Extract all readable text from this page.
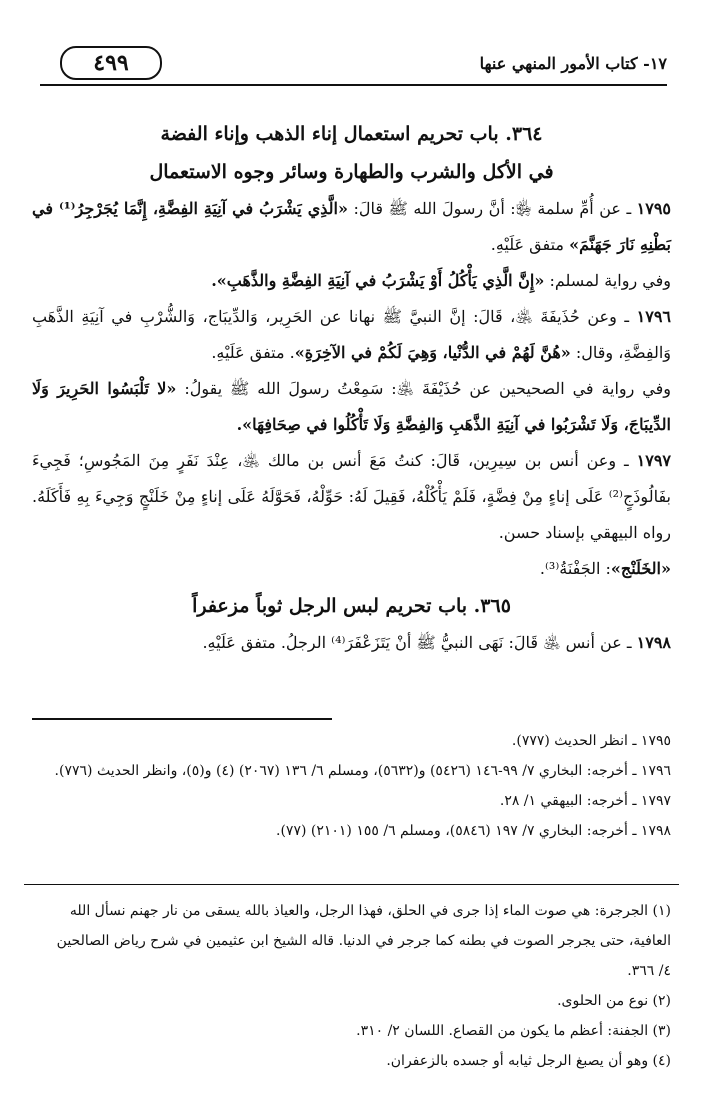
١٧- كتاب الأمور المنهي عنها
٤٩٩
٣٦٤. باب تحريم استعمال إناء الذهب وإناء الفضة
في الأكل والشرب والطهارة وسائر وجوه الاستعمال

١٧٩٥ ـ عن أُمِّ سلمة ﵂: أنَّ رسولَ الله ﷺ قالَ: «الَّذِي يَشْرَبُ في آنِيَةِ الفِضَّةِ، إِنَّمَا يُجَرْجِرُ⁽¹⁾ في بَطْنِهِ نَارَ جَهَنَّمَ» متفق عَلَيْهِ.

وفي رواية لمسلم: «إِنَّ الَّذِي يَأْكُلُ أَوْ يَشْرَبُ في آنِيَةِ الفِضَّةِ والذَّهَبِ».

١٧٩٦ ـ وعن حُذَيفَةَ ﵁، قَالَ: إنَّ النبيَّ ﷺ نهانا عن الحَرِير، وَالدِّيبَاج، وَالشُّرْبِ في آنِيَةِ الذَّهَبِ وَالفِضَّةِ، وقال: «هُنَّ لَهُمْ في الدُّنْيا، وَهِيَ لَكُمْ في الآخِرَةِ». متفق عَلَيْهِ.

وفي رواية في الصحيحين عن حُذَيْفَةَ ﵁: سَمِعْتُ رسولَ الله ﷺ يقولُ: «لا تَلْبَسُوا الحَرِيرَ وَلَا الدِّيبَاجَ، وَلَا تَشْرَبُوا في آنِيَةِ الذَّهَبِ وَالفِضَّةِ وَلَا تَأْكُلُوا في صِحَافِهَا».

١٧٩٧ ـ وعن أنس بن سِيرِين، قَالَ: كنتُ مَعَ أنس بن مالك ﵁، عِنْدَ نَفَرٍ مِنَ المَجُوسِ؛ فَجِيءَ بفَالُوذَجٍ⁽²⁾ عَلَى إناءٍ مِنْ فِضَّةٍ، فَلَمْ يَأْكُلْهُ، فَقِيلَ لَهُ: حَوِّلْهُ، فَحَوَّلَهُ عَلَى إناءٍ مِنْ خَلَنْجٍ وَجِيءَ بِهِ فَأَكَلَهُ. رواه البيهقي بإسناد حسن.

«الخَلَنْج»: الجَفْنَةُ⁽³⁾.

٣٦٥. باب تحريم لبس الرجل ثوباً مزعفراً

١٧٩٨ ـ عن أنس ﵁ قَالَ: نَهَى النبيُّ ﷺ أنْ يَتَزَعْفَرَ⁽⁴⁾ الرجلُ. متفق عَلَيْهِ.

١٧٩٥ ـ انظر الحديث (٧٧٧).

١٧٩٦ ـ أخرجه: البخاري ٧/ ٩٩-١٤٦ (٥٤٢٦) و(٥٦٣٢)، ومسلم ٦/ ١٣٦ (٢٠٦٧) (٤) و(٥)، وانظر الحديث (٧٧٦).

١٧٩٧ ـ أخرجه: البيهقي ١/ ٢٨.

١٧٩٨ ـ أخرجه: البخاري ٧/ ١٩٧ (٥٨٤٦)، ومسلم ٦/ ١٥٥ (٢١٠١) (٧٧).

(١) الجرجرة: هي صوت الماء إذا جرى في الحلق، فهذا الرجل، والعياذ بالله يسقى من نار جهنم نسأل الله العافية، حتى يجرجر الصوت في بطنه كما جرجر في الدنيا. قاله الشيخ ابن عثيمين في شرح رياض الصالحين ٤/ ٣٦٦.

(٢) نوع من الحلوى.

(٣) الجفنة: أعظم ما يكون من القصاع. اللسان ٢/ ٣١٠.

(٤) وهو أن يصبغ الرجل ثيابه أو جسده بالزعفران.
